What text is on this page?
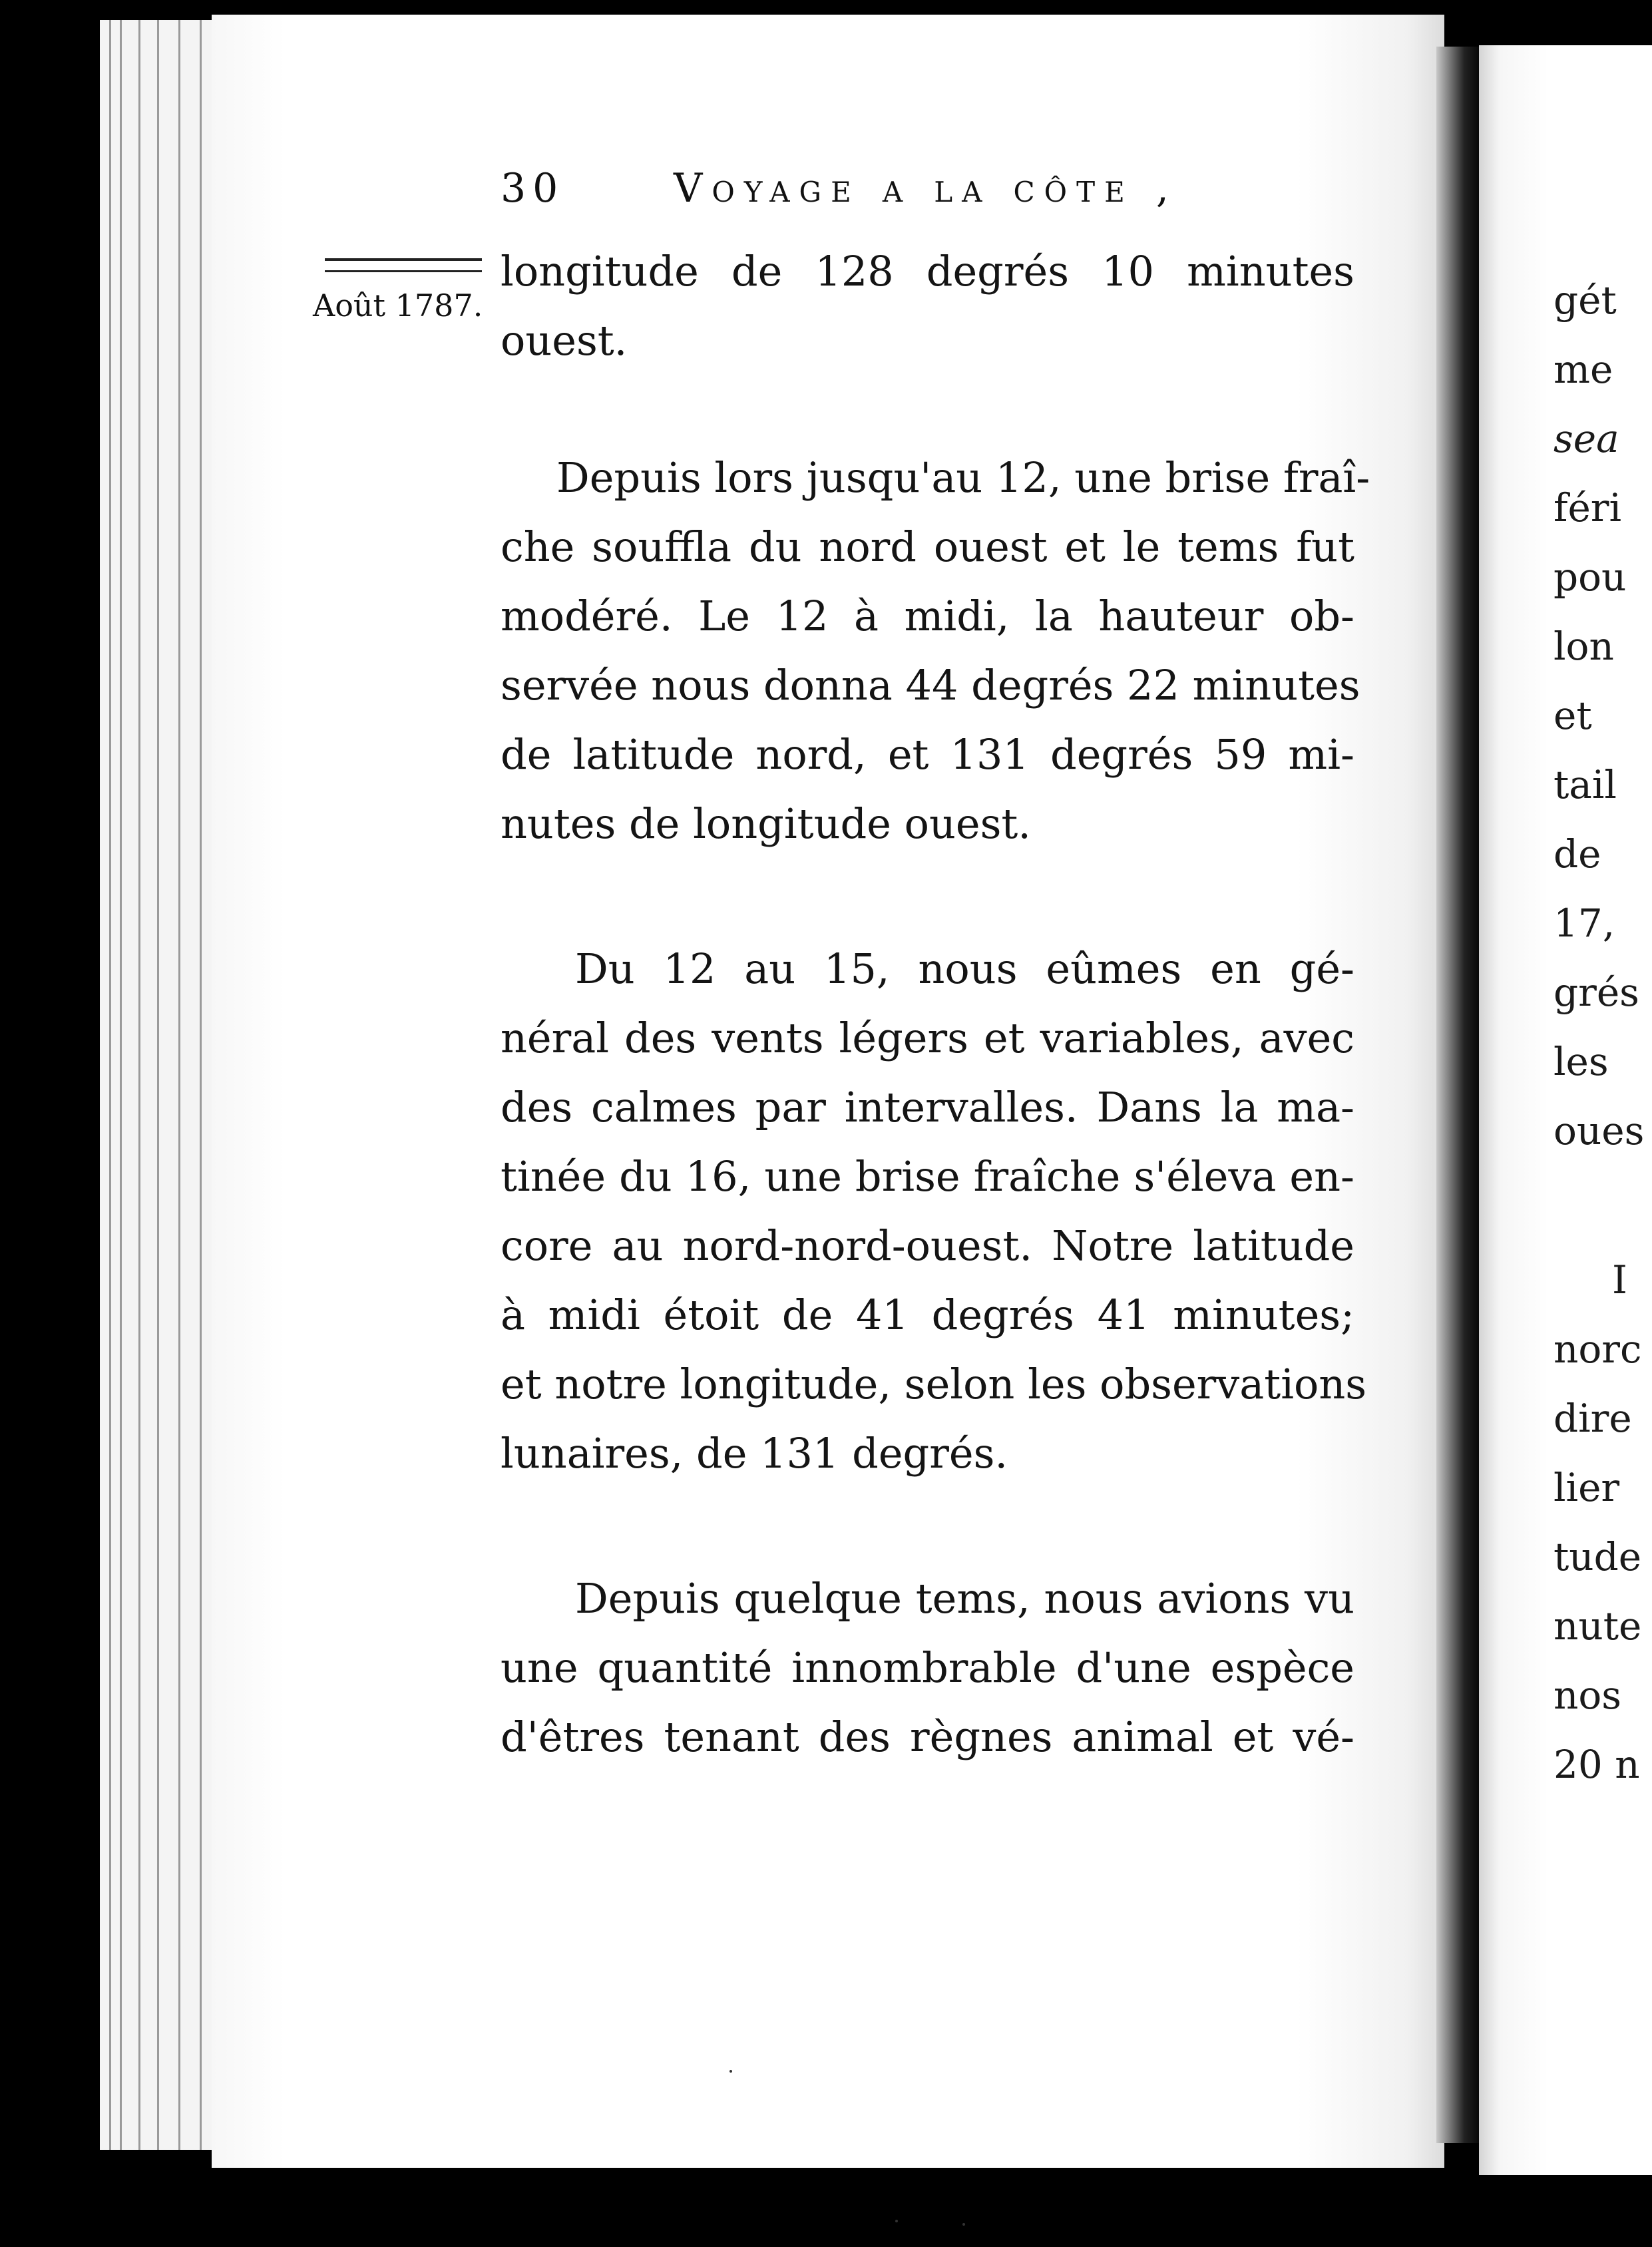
gét
me
sea
féri
pou
lon
et
tail
de
17,
grés
les
oues
I
norc
dire
lier
tude
nute
nos
20 n
30	Voyage a la côte ,
Août 1787.
longitude de 128 degrés 10 minutes
ouest.
Depuis lors jusqu'au 12, une brise fraî-
che souffla du nord ouest et le tems fut
modéré. Le 12 à midi, la hauteur ob-
servée nous donna 44 degrés 22 minutes
de latitude nord, et 131 degrés 59 mi-
nutes de longitude ouest.
Du 12 au 15, nous eûmes en gé-
néral des vents légers et variables, avec
des calmes par intervalles. Dans la ma-
tinée du 16, une brise fraîche s'éleva en-
core au nord-nord-ouest. Notre latitude
à midi étoit de 41 degrés 41 minutes;
et notre longitude, selon les observations
lunaires, de 131 degrés.
Depuis quelque tems, nous avions vu
une quantité innombrable d'une espèce
d'êtres tenant des règnes animal et vé-
